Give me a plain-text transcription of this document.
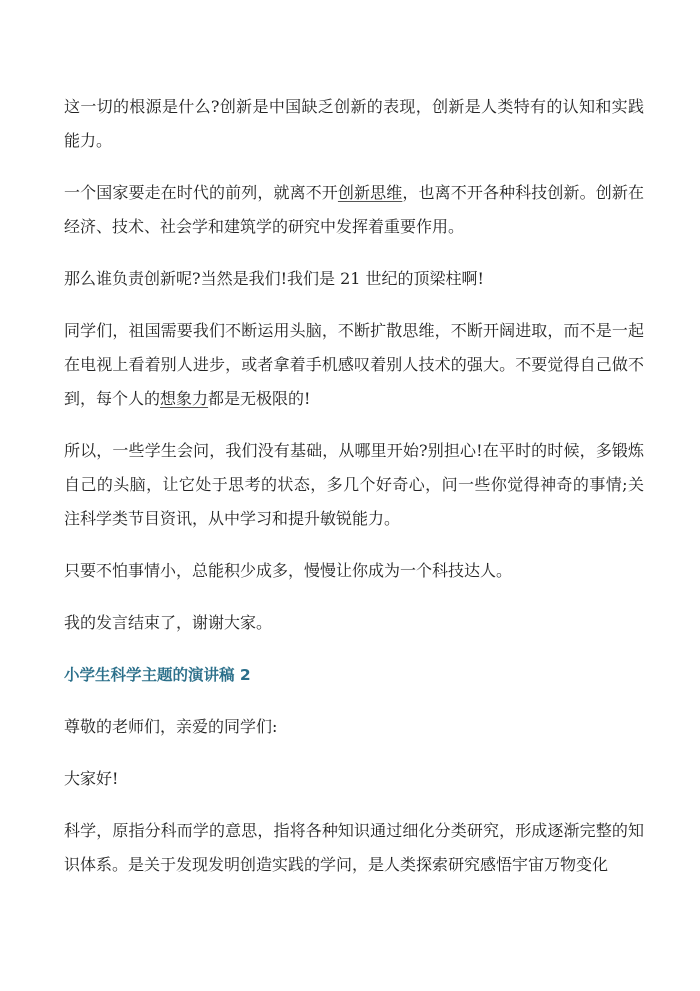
这一切的根源是什么?创新是中国缺乏创新的表现，创新是人类特有的认知和实践能力。

一个国家要走在时代的前列，就离不开创新思维，也离不开各种科技创新。创新在经济、技术、社会学和建筑学的研究中发挥着重要作用。

那么谁负责创新呢?当然是我们!我们是 21 世纪的顶梁柱啊!

同学们，祖国需要我们不断运用头脑，不断扩散思维，不断开阔进取，而不是一起在电视上看着别人进步，或者拿着手机感叹着别人技术的强大。不要觉得自己做不到，每个人的想象力都是无极限的!

所以，一些学生会问，我们没有基础，从哪里开始?别担心!在平时的时候，多锻炼自己的头脑，让它处于思考的状态，多几个好奇心，问一些你觉得神奇的事情;关注科学类节目资讯，从中学习和提升敏锐能力。

只要不怕事情小，总能积少成多，慢慢让你成为一个科技达人。

我的发言结束了，谢谢大家。

小学生科学主题的演讲稿 2

尊敬的老师们，亲爱的同学们:

大家好!

科学，原指分科而学的意思，指将各种知识通过细化分类研究，形成逐渐完整的知识体系。是关于发现发明创造实践的学问，是人类探索研究感悟宇宙万物变化
